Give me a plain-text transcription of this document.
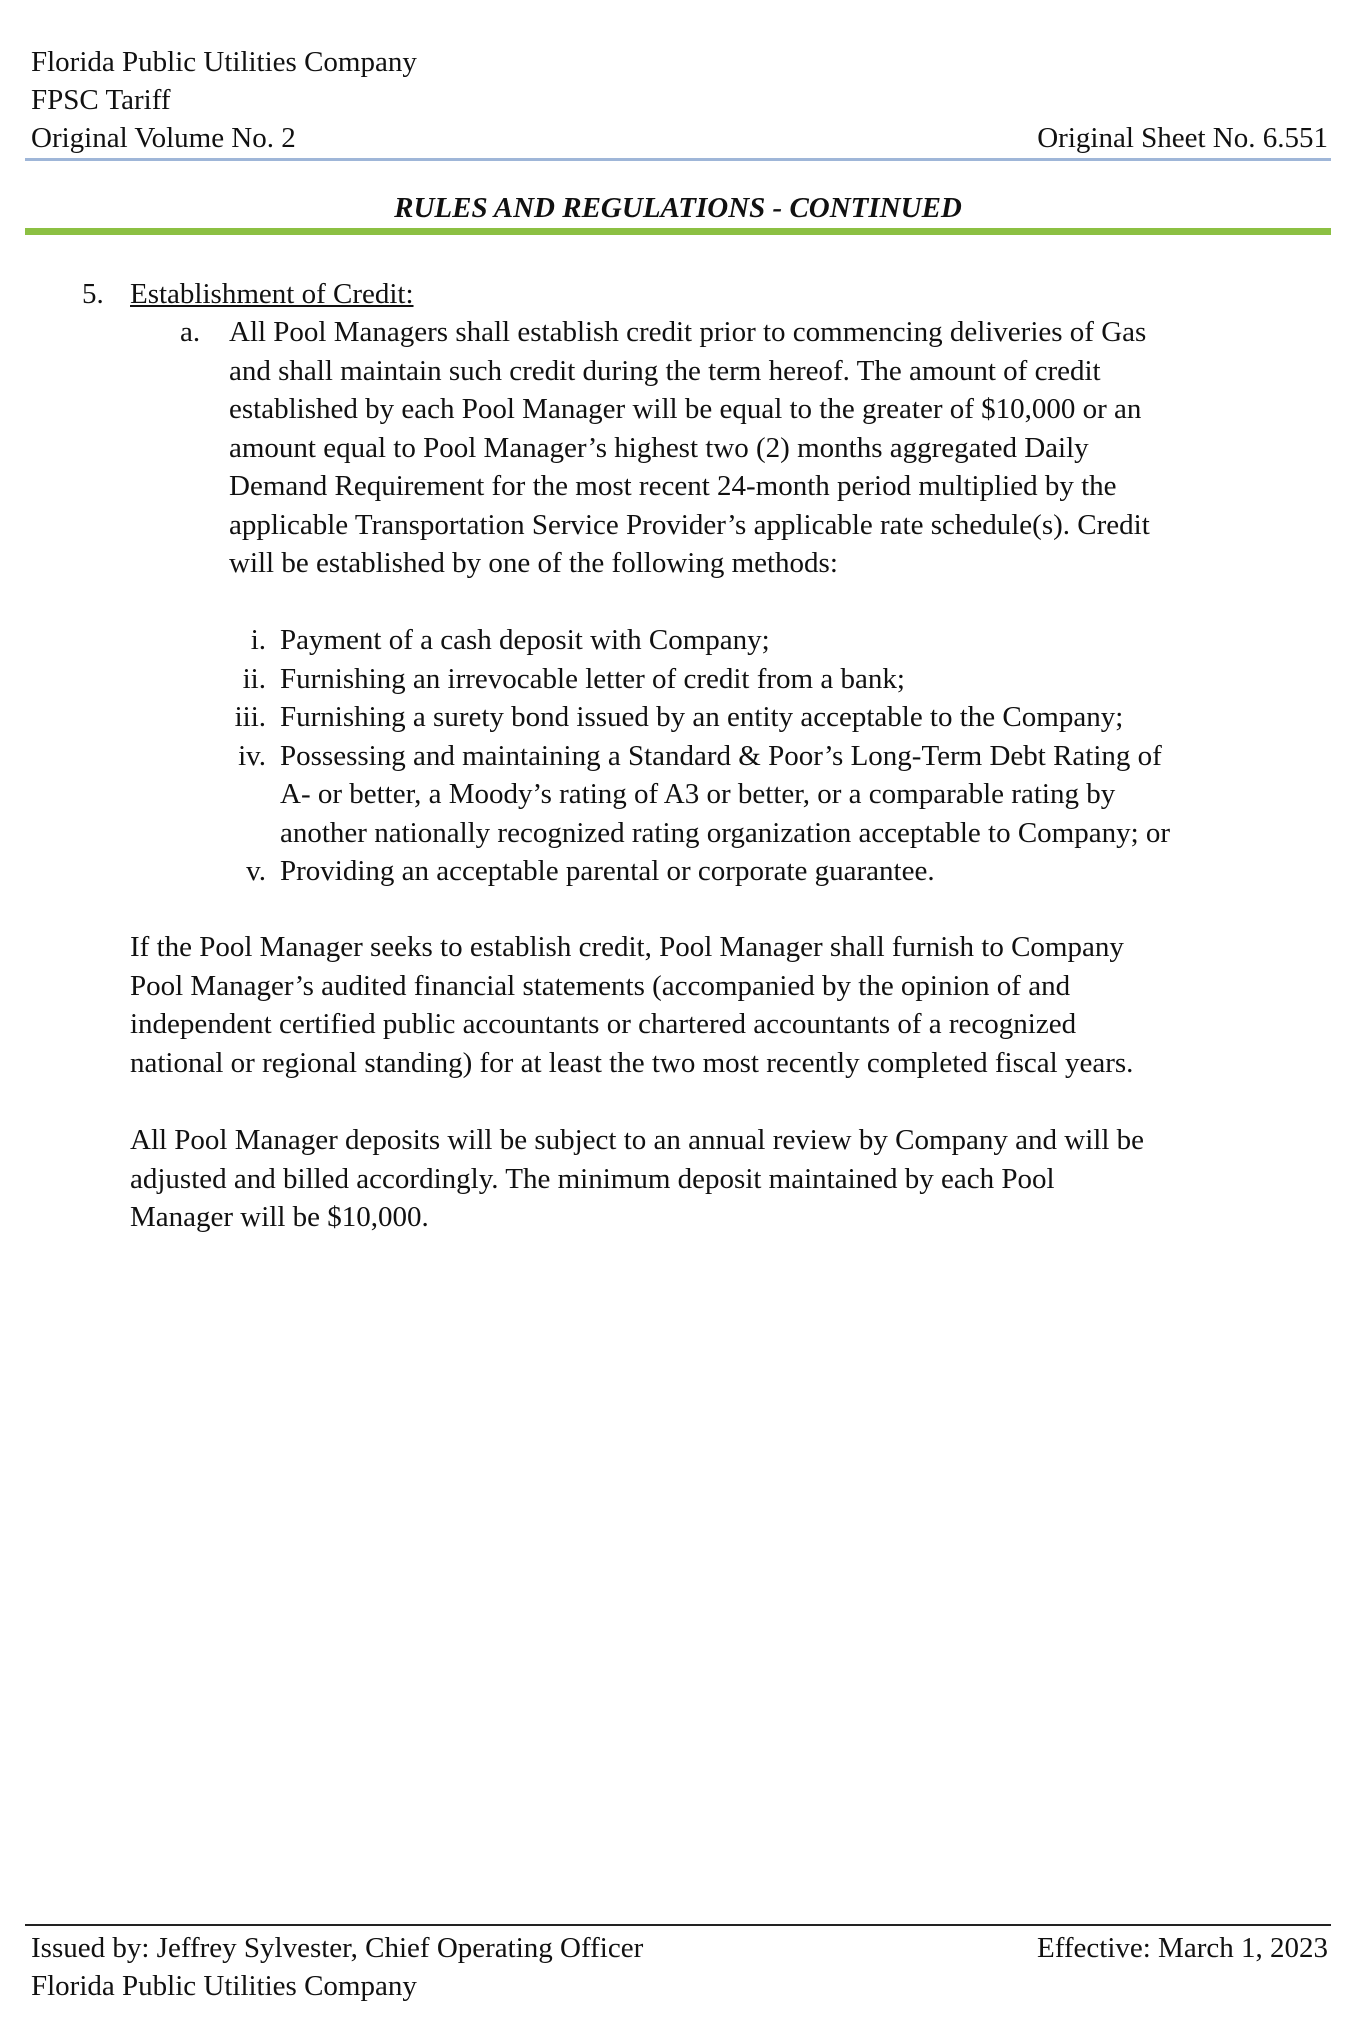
Florida Public Utilities Company
FPSC Tariff
Original Volume No. 2	Original Sheet No. 6.551
RULES AND REGULATIONS - CONTINUED
5. Establishment of Credit:
a. All Pool Managers shall establish credit prior to commencing deliveries of Gas
and shall maintain such credit during the term hereof. The amount of credit
established by each Pool Manager will be equal to the greater of $10,000 or an
amount equal to Pool Manager’s highest two (2) months aggregated Daily
Demand Requirement for the most recent 24-month period multiplied by the
applicable Transportation Service Provider’s applicable rate schedule(s). Credit
will be established by one of the following methods:
i. Payment of a cash deposit with Company;
ii. Furnishing an irrevocable letter of credit from a bank;
iii. Furnishing a surety bond issued by an entity acceptable to the Company;
iv. Possessing and maintaining a Standard & Poor’s Long-Term Debt Rating of
A- or better, a Moody’s rating of A3 or better, or a comparable rating by
another nationally recognized rating organization acceptable to Company; or
v. Providing an acceptable parental or corporate guarantee.
If the Pool Manager seeks to establish credit, Pool Manager shall furnish to Company
Pool Manager’s audited financial statements (accompanied by the opinion of and
independent certified public accountants or chartered accountants of a recognized
national or regional standing) for at least the two most recently completed fiscal years.
All Pool Manager deposits will be subject to an annual review by Company and will be
adjusted and billed accordingly. The minimum deposit maintained by each Pool
Manager will be $10,000.
Issued by: Jeffrey Sylvester, Chief Operating Officer
Florida Public Utilities Company
Effective: March 1, 2023
